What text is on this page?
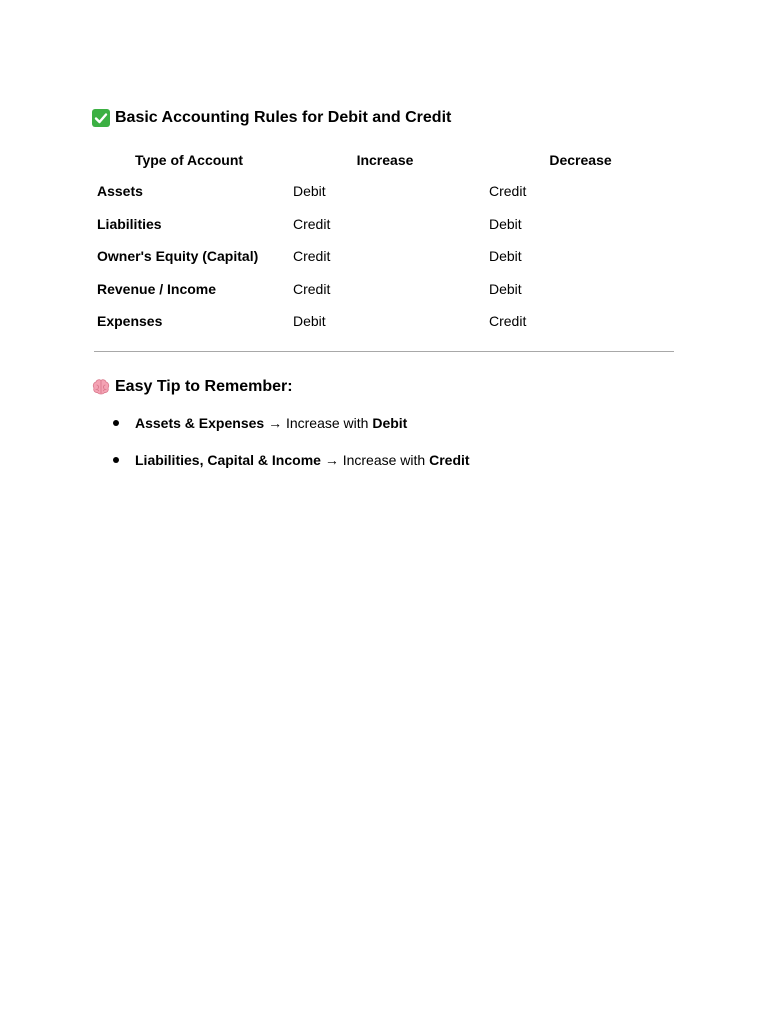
Basic Accounting Rules for Debit and Credit
Type of Account	Increase	Decrease
Assets	Debit	Credit
Liabilities	Credit	Debit
Owner's Equity (Capital)	Credit	Debit
Revenue / Income	Credit	Debit
Expenses	Debit	Credit
Easy Tip to Remember:
Assets & Expenses → Increase with Debit
Liabilities, Capital & Income → Increase with Credit
